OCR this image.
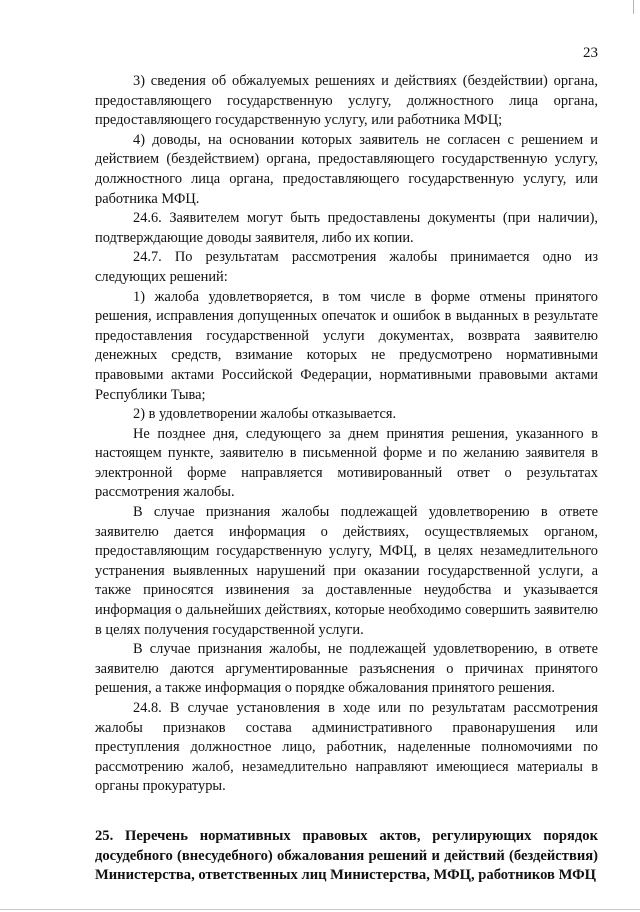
23

3) сведения об обжалуемых решениях и действиях (бездействии) органа, предоставляющего государственную услугу, должностного лица органа, предоставляющего государственную услугу, или работника МФЦ;

4) доводы, на основании которых заявитель не согласен с решением и действием (бездействием) органа, предоставляющего государственную услугу, должностного лица органа, предоставляющего государственную услугу, или работника МФЦ.

24.6. Заявителем могут быть предоставлены документы (при наличии), подтверждающие доводы заявителя, либо их копии.

24.7. По результатам рассмотрения жалобы принимается одно из следующих решений:

1) жалоба удовлетворяется, в том числе в форме отмены принятого решения, исправления допущенных опечаток и ошибок в выданных в результате предоставления государственной услуги документах, возврата заявителю денежных средств, взимание которых не предусмотрено нормативными правовыми актами Российской Федерации, нормативными правовыми актами Республики Тыва;

2) в удовлетворении жалобы отказывается.

Не позднее дня, следующего за днем принятия решения, указанного в настоящем пункте, заявителю в письменной форме и по желанию заявителя в электронной форме направляется мотивированный ответ о результатах рассмотрения жалобы.

В случае признания жалобы подлежащей удовлетворению в ответе заявителю дается информация о действиях, осуществляемых органом, предоставляющим государственную услугу, МФЦ, в целях незамедлительного устранения выявленных нарушений при оказании государственной услуги, а также приносятся извинения за доставленные неудобства и указывается информация о дальнейших действиях, которые необходимо совершить заявителю в целях получения государственной услуги.

В случае признания жалобы, не подлежащей удовлетворению, в ответе заявителю даются аргументированные разъяснения о причинах принятого решения, а также информация о порядке обжалования принятого решения.

24.8. В случае установления в ходе или по результатам рассмотрения жалобы признаков состава административного правонарушения или преступления должностное лицо, работник, наделенные полномочиями по рассмотрению жалоб, незамедлительно направляют имеющиеся материалы в органы прокуратуры.

25. Перечень нормативных правовых актов, регулирующих порядок досудебного (внесудебного) обжалования решений и действий (бездействия) Министерства, ответственных лиц Министерства, МФЦ, работников МФЦ
